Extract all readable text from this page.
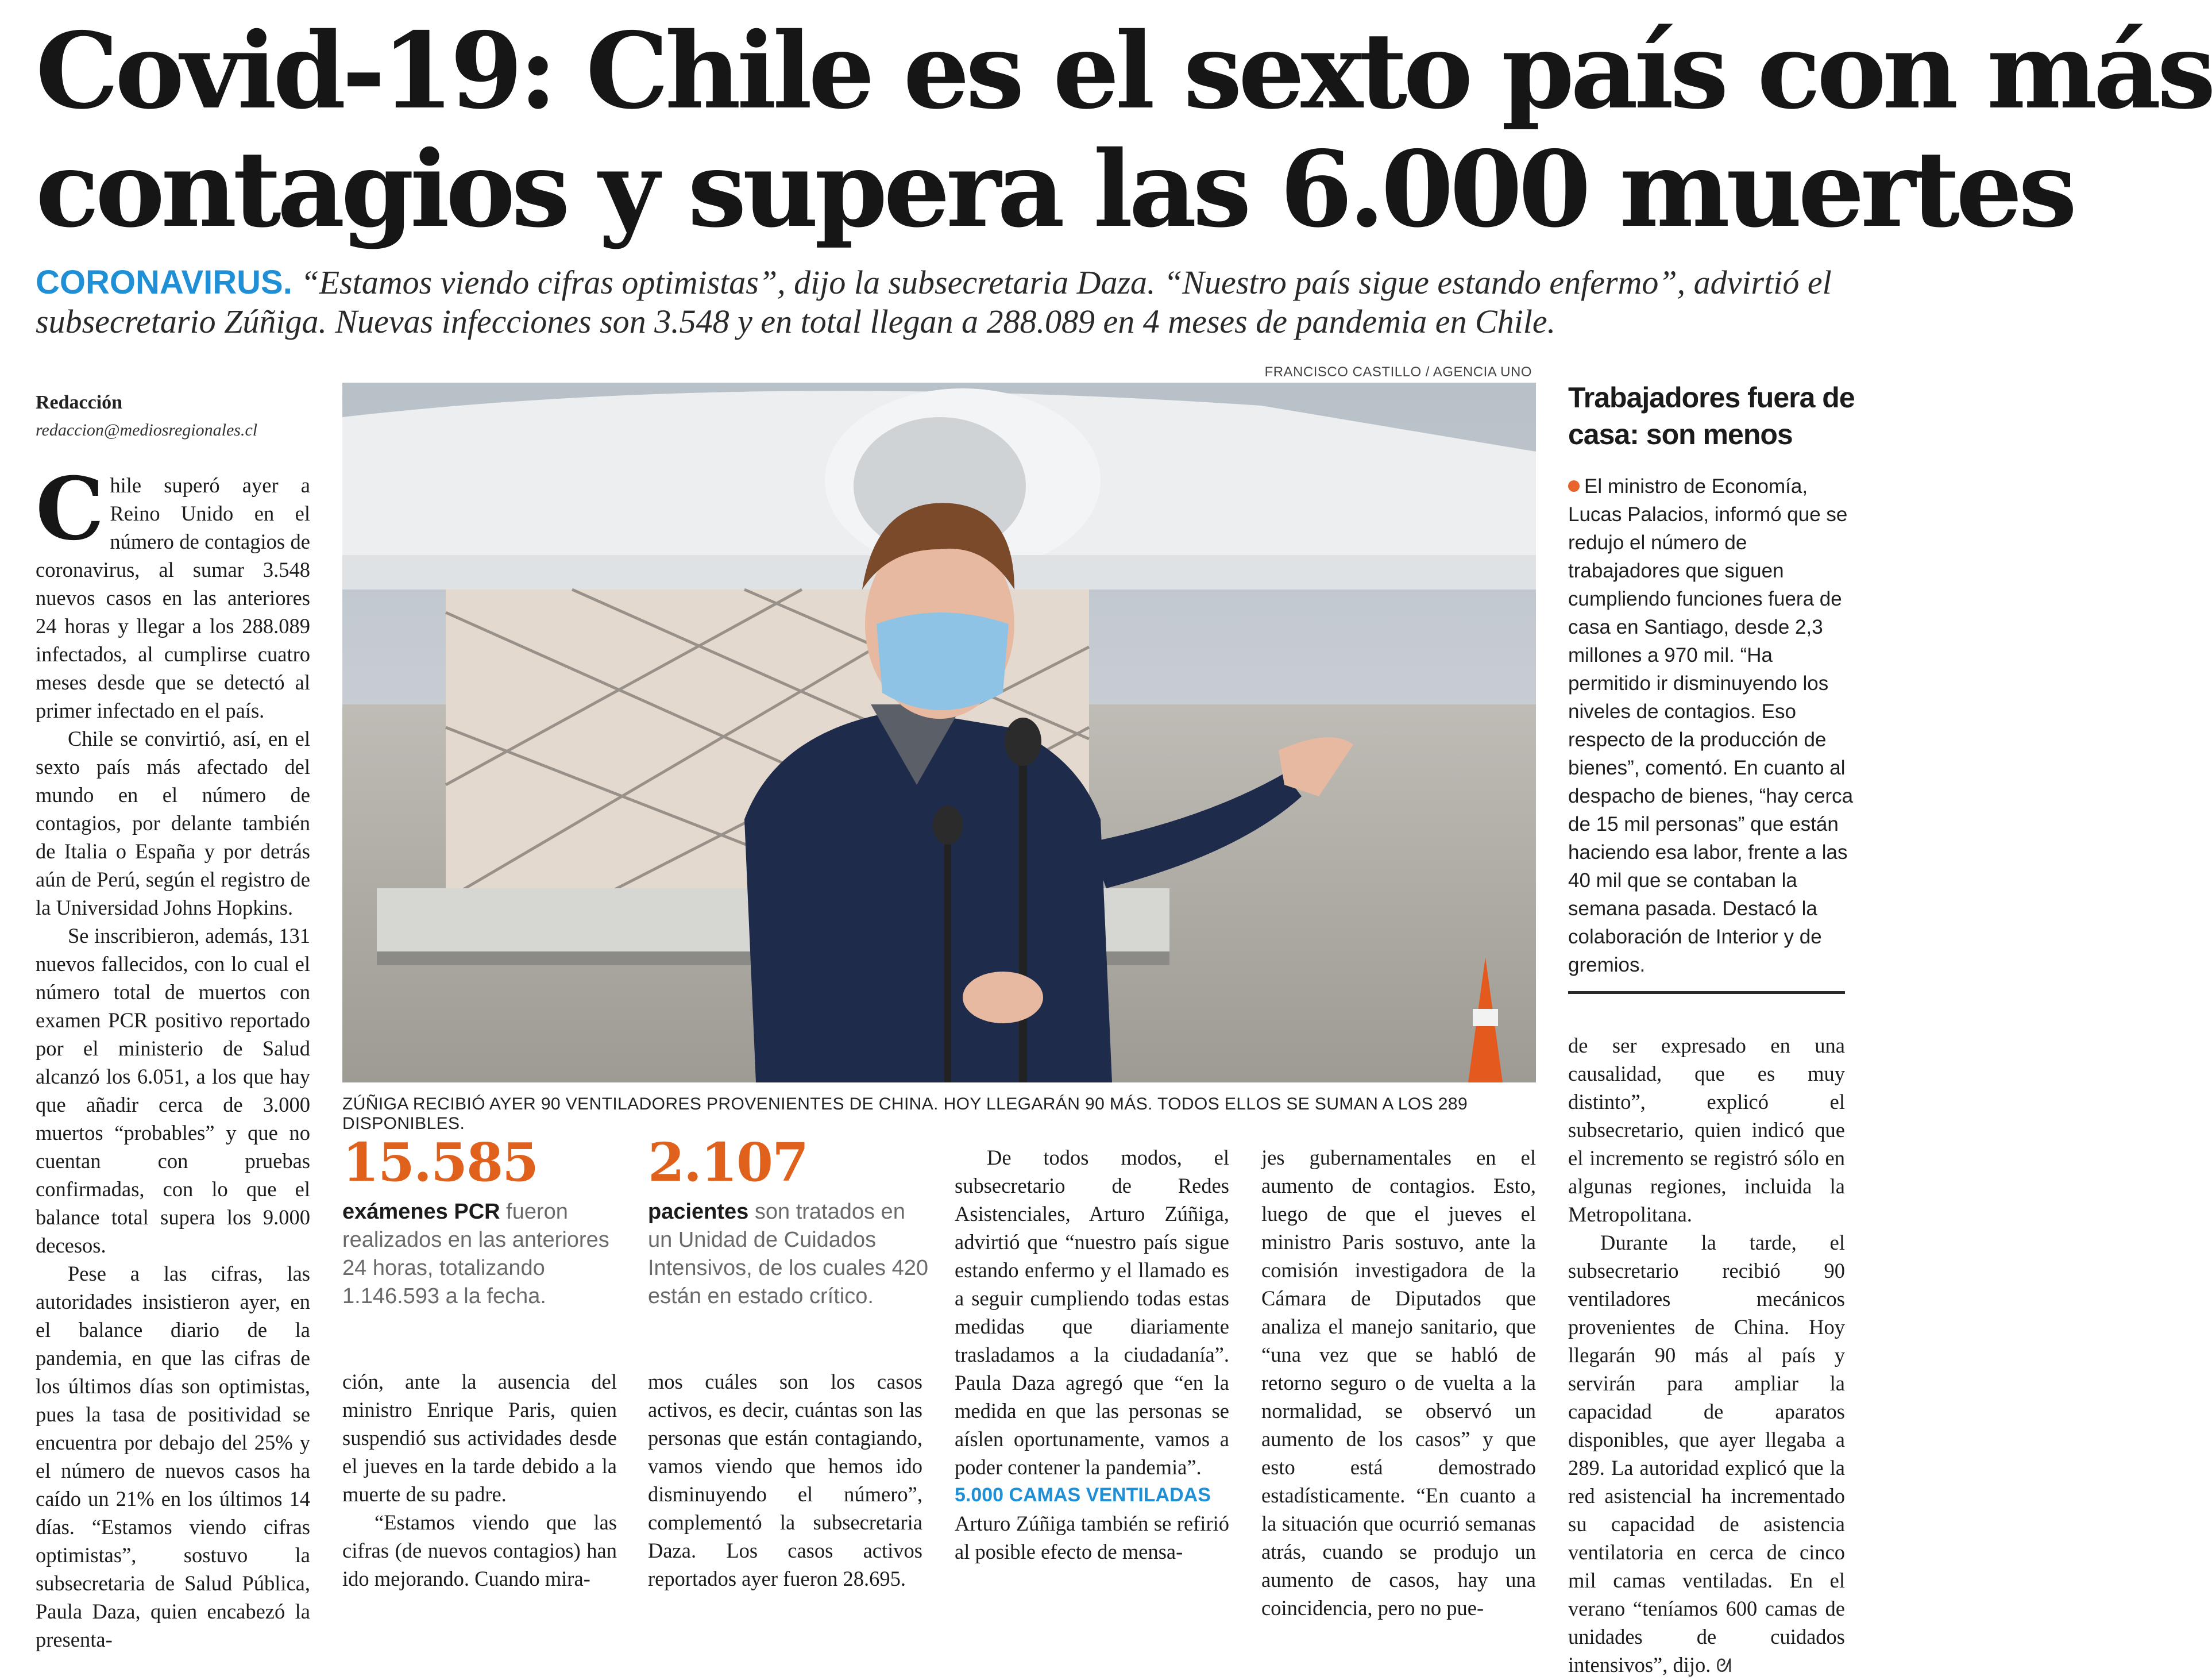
Covid-19: Chile es el sexto país con más
contagios y supera las 6.000 muertes
CORONAVIRUS. “Estamos viendo cifras optimistas”, dijo la subsecretaria Daza. “Nuestro país sigue estando enfermo”, advirtió el subsecretario Zúñiga. Nuevas infecciones son 3.548 y en total llegan a 288.089 en 4 meses de pandemia en Chile.
FRANCISCO CASTILLO / AGENCIA UNO
Redacción
redaccion@mediosregionales.cl

Chile superó ayer a Reino Unido en el número de contagios de coronavirus, al sumar 3.548 nuevos casos en las anteriores 24 horas y llegar a los 288.089 infectados, al cumplirse cuatro meses desde que se detectó al primer infectado en el país.

Chile se convirtió, así, en el sexto país más afectado del mundo en el número de contagios, por delante también de Italia o España y por detrás aún de Perú, según el registro de la Universidad Johns Hopkins.

Se inscribieron, además, 131 nuevos fallecidos, con lo cual el número total de muertos con examen PCR positivo reportado por el ministerio de Salud alcanzó los 6.051, a los que hay que añadir cerca de 3.000 muertos “probables” y que no cuentan con pruebas confirmadas, con lo que el balance total supera los 9.000 decesos.

Pese a las cifras, las autoridades insistieron ayer, en el balance diario de la pandemia, en que las cifras de los últimos días son optimistas, pues la tasa de positividad se encuentra por debajo del 25% y el número de nuevos casos ha caído un 21% en los últimos 14 días. “Estamos viendo cifras optimistas”, sostuvo la subsecretaria de Salud Pública, Paula Daza, quien encabezó la presenta-

ZÚÑIGA RECIBIÓ AYER 90 VENTILADORES PROVENIENTES DE CHINA. HOY LLEGARÁN 90 MÁS. TODOS ELLOS SE SUMAN A LOS 289 DISPONIBLES.
15.585
exámenes PCR fueron realizados en las anteriores 24 horas, totalizando 1.146.593 a la fecha.
2.107
pacientes son tratados en un Unidad de Cuidados Intensivos, de los cuales 420 están en estado crítico.

ción, ante la ausencia del ministro Enrique Paris, quien suspendió sus actividades desde el jueves en la tarde debido a la muerte de su padre.

“Estamos viendo que las cifras (de nuevos contagios) han ido mejorando. Cuando mira-

mos cuáles son los casos activos, es decir, cuántas son las personas que están contagiando, vamos viendo que hemos ido disminuyendo el número”, complementó la subsecretaria Daza. Los casos activos reportados ayer fueron 28.695.

De todos modos, el subsecretario de Redes Asistenciales, Arturo Zúñiga, advirtió que “nuestro país sigue estando enfermo y el llamado es a seguir cumpliendo todas estas medidas que diariamente trasladamos a la ciudadanía”. Paula Daza agregó que “en la medida en que las personas se aíslen oportunamente, vamos a poder contener la pandemia”.

5.000 CAMAS VENTILADAS

Arturo Zúñiga también se refirió al posible efecto de mensa-

jes gubernamentales en el aumento de contagios. Esto, luego de que el jueves el ministro Paris sostuvo, ante la comisión investigadora de la Cámara de Diputados que analiza el manejo sanitario, que “una vez que se habló de retorno seguro o de vuelta a la normalidad, se observó un aumento de los casos” y que esto está demostrado estadísticamente. “En cuanto a la situación que ocurrió semanas atrás, cuando se produjo un aumento de casos, hay una coincidencia, pero no pue-

de ser expresado en una causalidad, que es muy distinto”, explicó el subsecretario, quien indicó que el incremento se registró sólo en algunas regiones, incluida la Metropolitana.

Durante la tarde, el subsecretario recibió 90 ventiladores mecánicos provenientes de China. Hoy llegarán 90 más al país y servirán para ampliar la capacidad de aparatos disponibles, que ayer llegaba a 289. La autoridad explicó que la red asistencial ha incrementado su capacidad de asistencia ventilatoria en cerca de cinco mil camas ventiladas. En el verano “teníamos 600 camas de unidades de cuidados intensivos”, dijo. ᘛ

Trabajadores fuera de casa: son menos
El ministro de Economía, Lucas Palacios, informó que se redujo el número de trabajadores que siguen cumpliendo funciones fuera de casa en Santiago, desde 2,3 millones a 970 mil. “Ha permitido ir disminuyendo los niveles de contagios. Eso respecto de la producción de bienes”, comentó. En cuanto al despacho de bienes, “hay cerca de 15 mil personas” que están haciendo esa labor, frente a las 40 mil que se contaban la semana pasada. Destacó la colaboración de Interior y de gremios.
